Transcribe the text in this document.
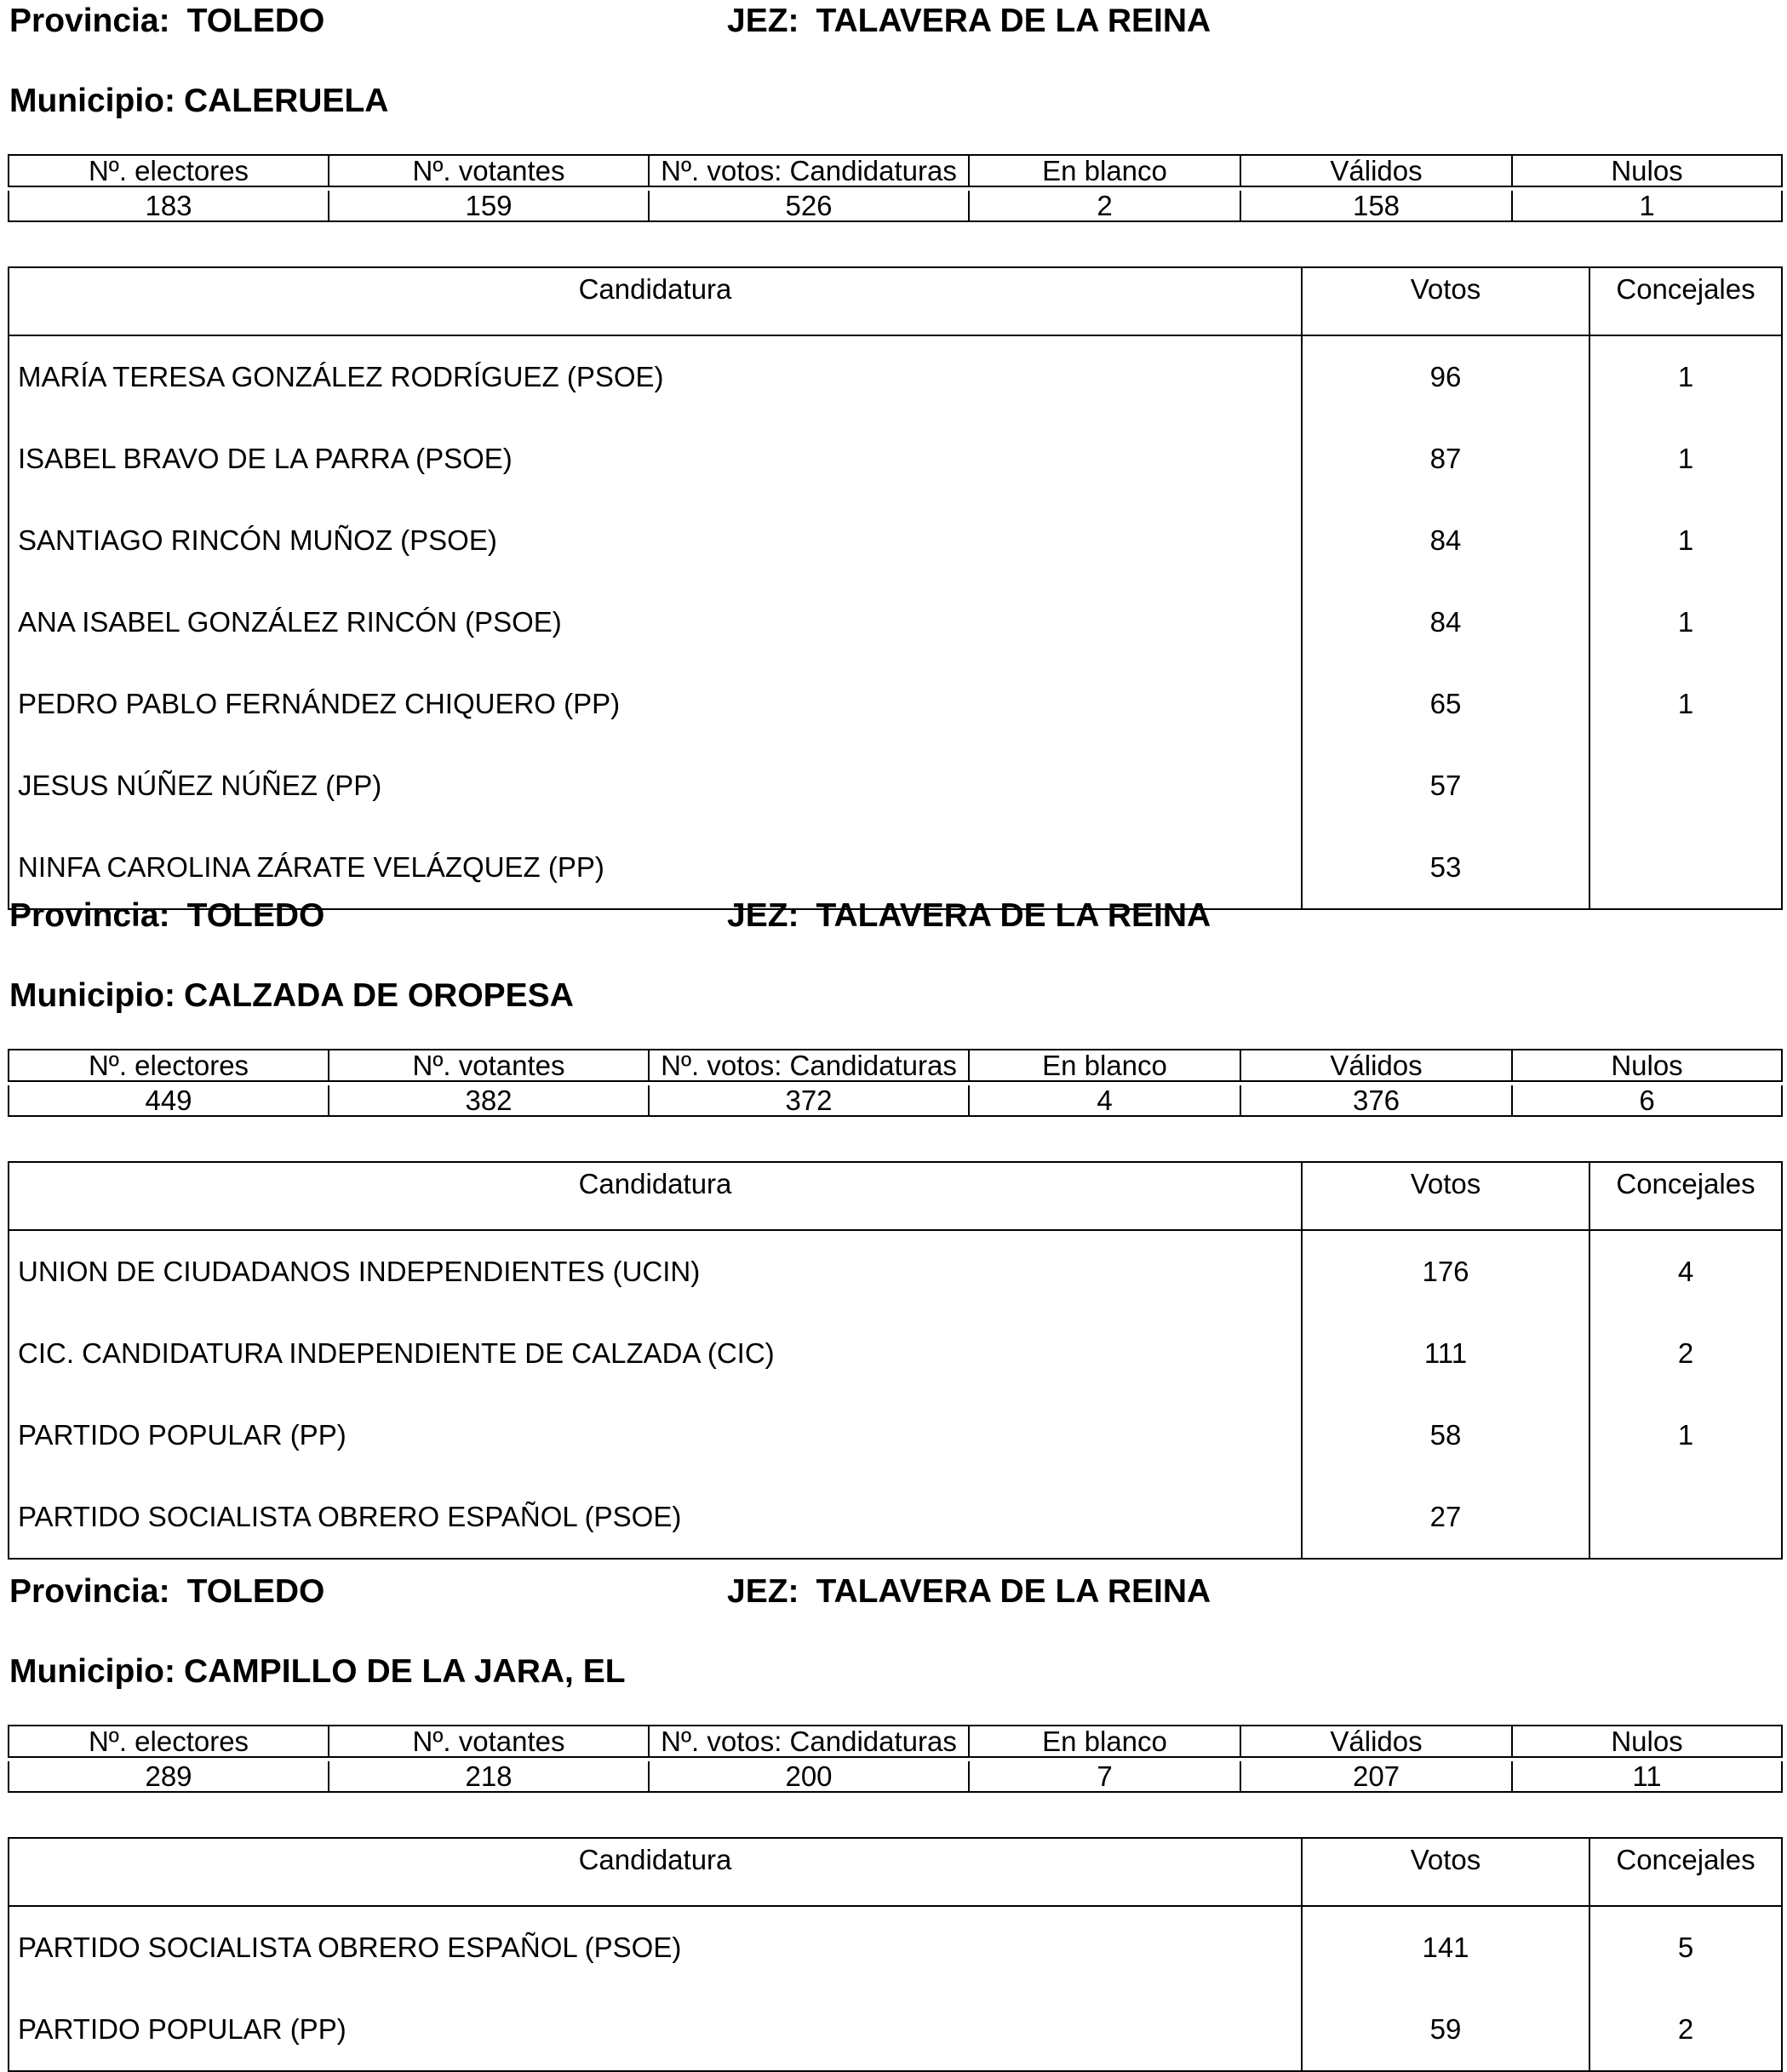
Provincia: TOLEDO	JEZ: TALAVERA DE LA REINA
Municipio: CALERUELA
Nº. electores	Nº. votantes	Nº. votos: Candidaturas	En blanco	Válidos	Nulos

183	159	526	2	158	1
Candidatura	Votos	Concejales
MARÍA TERESA GONZÁLEZ RODRÍGUEZ (PSOE)	96	1
ISABEL BRAVO DE LA PARRA (PSOE)	87	1
SANTIAGO RINCÓN MUÑOZ (PSOE)	84	1
ANA ISABEL GONZÁLEZ RINCÓN (PSOE)	84	1
PEDRO PABLO FERNÁNDEZ CHIQUERO (PP)	65	1
JESUS NÚÑEZ NÚÑEZ (PP)	57	
NINFA CAROLINA ZÁRATE VELÁZQUEZ (PP)	53	
Provincia: TOLEDO	JEZ: TALAVERA DE LA REINA
Municipio: CALZADA DE OROPESA
Nº. electores	Nº. votantes	Nº. votos: Candidaturas	En blanco	Válidos	Nulos

449	382	372	4	376	6
Candidatura	Votos	Concejales
UNION DE CIUDADANOS INDEPENDIENTES (UCIN)	176	4
CIC. CANDIDATURA INDEPENDIENTE DE CALZADA (CIC)	111	2
PARTIDO POPULAR (PP)	58	1
PARTIDO SOCIALISTA OBRERO ESPAÑOL (PSOE)	27	
Provincia: TOLEDO	JEZ: TALAVERA DE LA REINA
Municipio: CAMPILLO DE LA JARA, EL
Nº. electores	Nº. votantes	Nº. votos: Candidaturas	En blanco	Válidos	Nulos

289	218	200	7	207	11
Candidatura	Votos	Concejales
PARTIDO SOCIALISTA OBRERO ESPAÑOL (PSOE)	141	5
PARTIDO POPULAR (PP)	59	2
